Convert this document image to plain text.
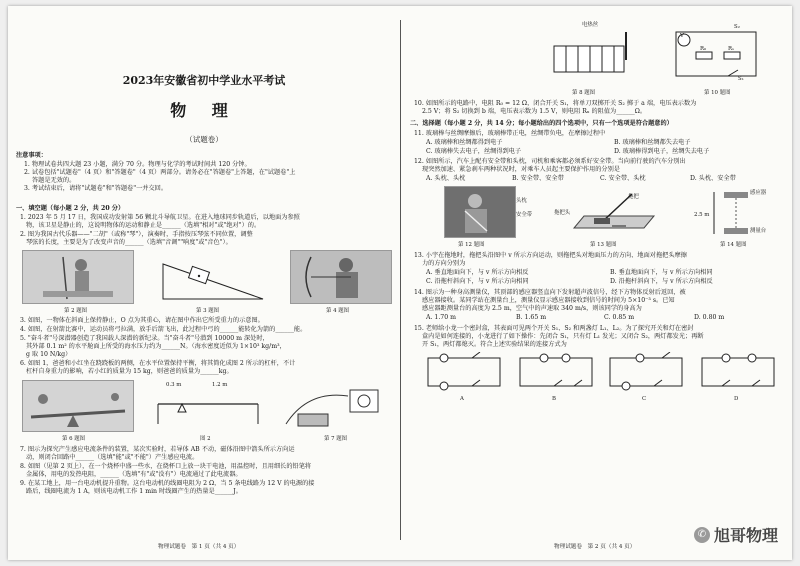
2023年安徽省初中学业水平考试
物 理
（试题卷）
注意事项：
1. 物理试卷共四大题 23 小题，满分 70 分。物理与化学的考试时间共 120 分钟。
2. 试卷包括"试题卷"（4 页）和"答题卷"（4 页）两部分。请务必在"答题卷"上答题，在"试题卷"上
答题是无效的。
3. 考试结束后，请将"试题卷"和"答题卷"一并交回。
一、填空题（每小题 2 分，共 20 分）
1. 2023 年 5 月 17 日，我国成功发射第 56 颗北斗导航卫星。在进入地球同步轨道后，以地面为参照
物，该卫星是静止的，这说明物体的运动和静止是______（选填"相对"或"绝对"）的。
2. 图为我国古代乐器——"二胡"（或称"琴"），演奏时，手指按压琴弦不同位置，调整
琴弦的长度，主要是为了改变声音的______（选填"音调""响度"或"音色"）。
第 2 题图	第 3 题图	第 4 题图
3. 如图，一物体在斜面上保持静止，O 点为其重心，请在图中作出它所受重力的示意图。
4. 如图，在射箭比赛中，运动员将弓拉满，放手后箭飞出，此过程中弓的______能转化为箭的______能。
5. "奋斗者"号深潜器创造了我国载人深潜的新纪录。当"奋斗者"号潜到 10000 m 深处时，
其外部 0.1 m² 的水平舱面上所受的海水压力约为______N。（海水密度近似为 1×10³ kg/m³，
g 取 10 N/kg）
6. 如图 1，爸爸和小红坐在跷跷板的两侧，在水平位置保持平衡，将其简化成图 2 所示的杠杆，不计
杠杆自身重力的影响，若小红的质量为 15 kg，则爸爸的质量为______kg。
第 6 题图
0.3 m	1.2 m
图 2	第 7 题图
7. 图示为探究产生感应电流条件的装置，某次实验时，若导体 AB 不动，磁体沿图中箭头所示方向运
动，则闭合回路中______（选填"能"或"不能"）产生感应电流。
8. 如图（见第 2 页上），在一个烧杯中盛一些水，在烧杯口上放一块干电池，用温控时，且用细长的铅笔将
金属体，用电的发热电阻，______（选填"有"或"没有"）电流通过了此电流器。
9. 在某工地上，用一台电动机提升重物。这台电动机的线圈电阻为 2 Ω，当 5 条电线路为 12 V 的电源的接
路后，线圈电流为 1 A，则该电动机工作 1 min 时线圈产生的热量是______J。
物理试题卷　第 1 页（共 4 页）
电热丝
第 8 题图
V
S₂
R₀	Rₓ
S₁
第 10 题图
10. 如图所示的电路中，电阻 R₀ = 12 Ω，闭合开关 S₁，将单刀双掷开关 S₂ 掷于 a 端，电压表示数为
2.5 V；将 S₂ 切换到 b 端，电压表示数为 1.5 V，则电阻 Rₓ 的阻值为______Ω。
二、选择题（每小题 2 分，共 14 分；每小题给出的四个选项中，只有一个选项是符合题意的）
11. 玻璃棒与丝绸摩擦后，玻璃棒带正电，丝绸带负电，在摩擦过程中
A. 玻璃棒和丝绸都得到电子	B. 玻璃棒和丝绸都失去电子
C. 玻璃棒失去电子，丝绸得到电子	D. 玻璃棒得到电子，丝绸失去电子
12. 如图所示，汽车上配有安全带和头枕，司机和乘客都必须系好安全带。当向前行驶的汽车分别出
现突然加速、紧急刹车两种状况时，对乘车人员起主要保护作用的分别是
A. 头枕、头枕	B. 安全带、安全带	C. 安全带、头枕	D. 头枕、安全带
头枕
安全带
第 12 题图
拖把
拖把头
第 13 题图
2.5 m
感应器
测量台
第 14 题图
13. 小宇在拖地时，拖把头沿图中 v 所示方向运动，则拖把头对地面压力的方向、地面对拖把头摩擦
力的方向分别为
A. 垂直地面向下，与 v 所示方向相反	B. 垂直地面向下，与 v 所示方向相同
C. 沿拖杆斜向下，与 v 所示方向相同	D. 沿拖杆斜向下，与 v 所示方向相反
14. 图示为一种身高测量仪，其顶部的感应器竖直向下发射超声波信号，经下方物体反射后返回，被
感应器接收。某同学站在测量台上，测量仪显示感应器接收到信号的时间为 5×10⁻³ s。已知
感应器距测量台的高度为 2.5 m，空气中的声速取 340 m/s，则该同学的身高为
A. 1.70 m	B. 1.65 m	C. 0.85 m	D. 0.80 m
15. 老师给小龙一个密封盒，其表面可见两个开关 S₁、S₂ 和两盏灯 L₁、L₂。为了探究开关和灯在密封
盒内是如何连接的，小龙进行了如下操作：先闭合 S₁，只有灯 L₁ 发光；又闭合 S₂，两灯都发光；再断
开 S₁，两灯都熄灭。符合上述实验结果的连接方式为
A	B	C	D
物理试题卷　第 2 页（共 4 页）
✆ 旭哥物理
